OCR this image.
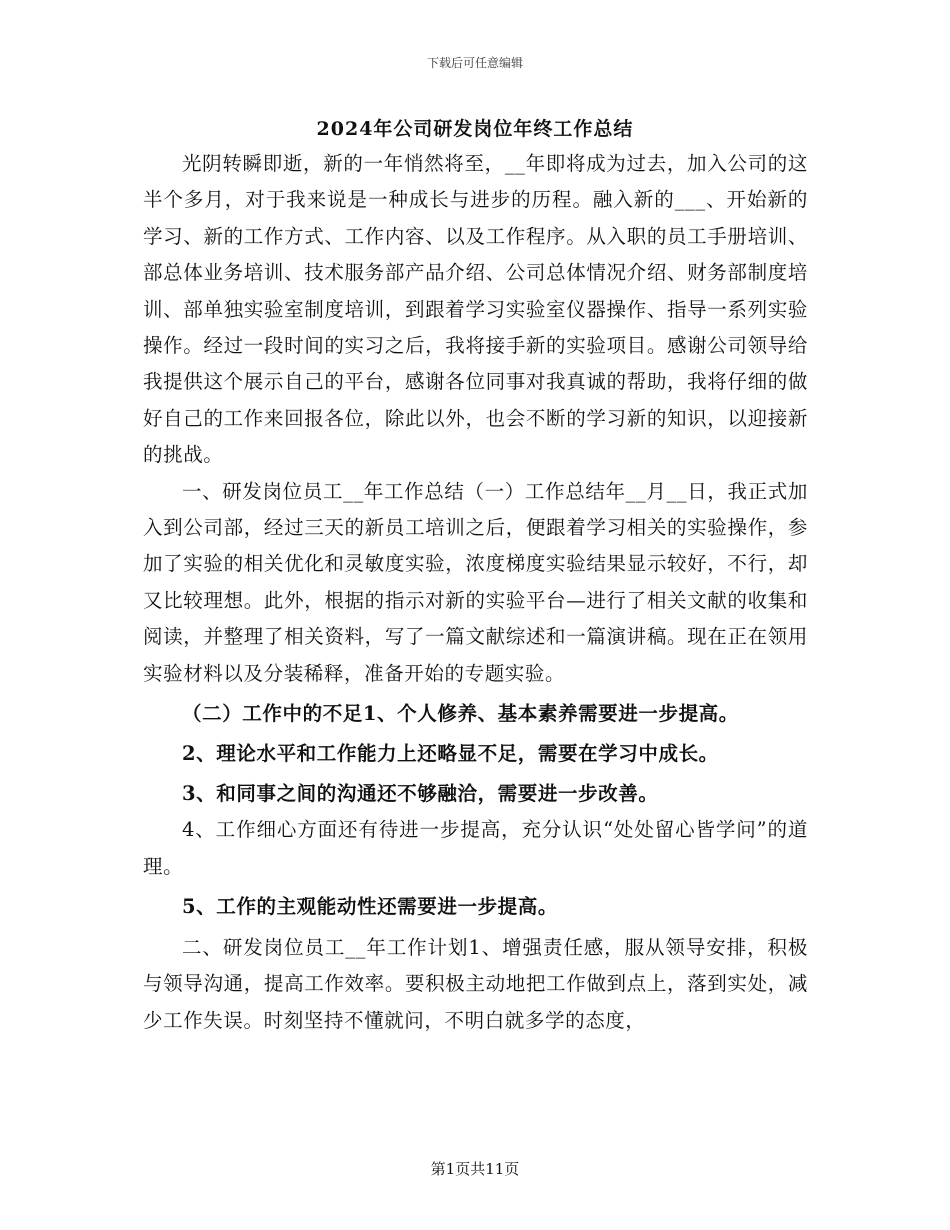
下载后可任意编辑
2024年公司研发岗位年终工作总结

光阴转瞬即逝，新的一年悄然将至，__年即将成为过去，加入公司的这半个多月，对于我来说是一种成长与进步的历程。融入新的___、开始新的学习、新的工作方式、工作内容、以及工作程序。从入职的员工手册培训、部总体业务培训、技术服务部产品介绍、公司总体情况介绍、财务部制度培训、部单独实验室制度培训，到跟着学习实验室仪器操作、指导一系列实验操作。经过一段时间的实习之后，我将接手新的实验项目。感谢公司领导给我提供这个展示自己的平台，感谢各位同事对我真诚的帮助，我将仔细的做好自己的工作来回报各位，除此以外，也会不断的学习新的知识，以迎接新的挑战。

一、研发岗位员工__年工作总结（一）工作总结年__月__日，我正式加入到公司部，经过三天的新员工培训之后，便跟着学习相关的实验操作，参加了实验的相关优化和灵敏度实验，浓度梯度实验结果显示较好，不行，却又比较理想。此外，根据的指示对新的实验平台—进行了相关文献的收集和阅读，并整理了相关资料，写了一篇文献综述和一篇演讲稿。现在正在领用实验材料以及分装稀释，准备开始的专题实验。

（二）工作中的不足1、个人修养、基本素养需要进一步提高。

2、理论水平和工作能力上还略显不足，需要在学习中成长。

3、和同事之间的沟通还不够融洽，需要进一步改善。

4、工作细心方面还有待进一步提高，充分认识“处处留心皆学问”的道理。

5、工作的主观能动性还需要进一步提高。

二、研发岗位员工__年工作计划1、增强责任感，服从领导安排，积极与领导沟通，提高工作效率。要积极主动地把工作做到点上，落到实处，减少工作失误。时刻坚持不懂就问，不明白就多学的态度，

第1页共11页
